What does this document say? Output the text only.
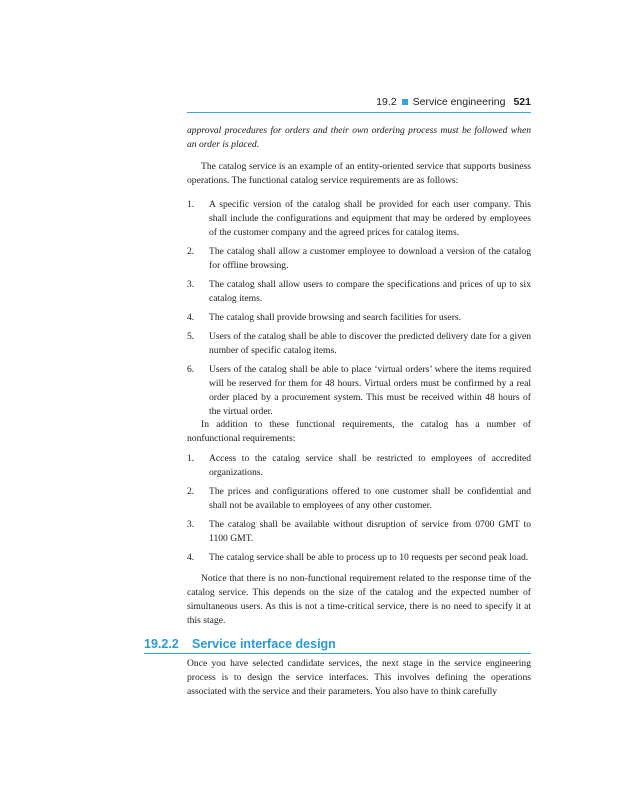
19.2 Service engineering 521

approval procedures for orders and their own ordering process must be followed when an order is placed.

The catalog service is an example of an entity-oriented service that supports business operations. The functional catalog service requirements are as follows:

1.	A specific version of the catalog shall be provided for each user company. This shall include the configurations and equipment that may be ordered by employees of the customer company and the agreed prices for catalog items.
2.	The catalog shall allow a customer employee to download a version of the catalog for offline browsing.
3.	The catalog shall allow users to compare the specifications and prices of up to six catalog items.
4.	The catalog shall provide browsing and search facilities for users.
5.	Users of the catalog shall be able to discover the predicted delivery date for a given number of specific catalog items.
6.	Users of the catalog shall be able to place ‘virtual orders’ where the items required will be reserved for them for 48 hours. Virtual orders must be confirmed by a real order placed by a procurement system. This must be received within 48 hours of the virtual order.

In addition to these functional requirements, the catalog has a number of nonfunctional requirements:

1.	Access to the catalog service shall be restricted to employees of accredited organizations.
2.	The prices and configurations offered to one customer shall be confidential and shall not be available to employees of any other customer.
3.	The catalog shall be available without disruption of service from 0700 GMT to 1100 GMT.
4.	The catalog service shall be able to process up to 10 requests per second peak load.

Notice that there is no non-functional requirement related to the response time of the catalog service. This depends on the size of the catalog and the expected number of simultaneous users. As this is not a time-critical service, there is no need to specify it at this stage.

19.2.2 Service interface design

Once you have selected candidate services, the next stage in the service engineering process is to design the service interfaces. This involves defining the operations associated with the service and their parameters. You also have to think carefully
